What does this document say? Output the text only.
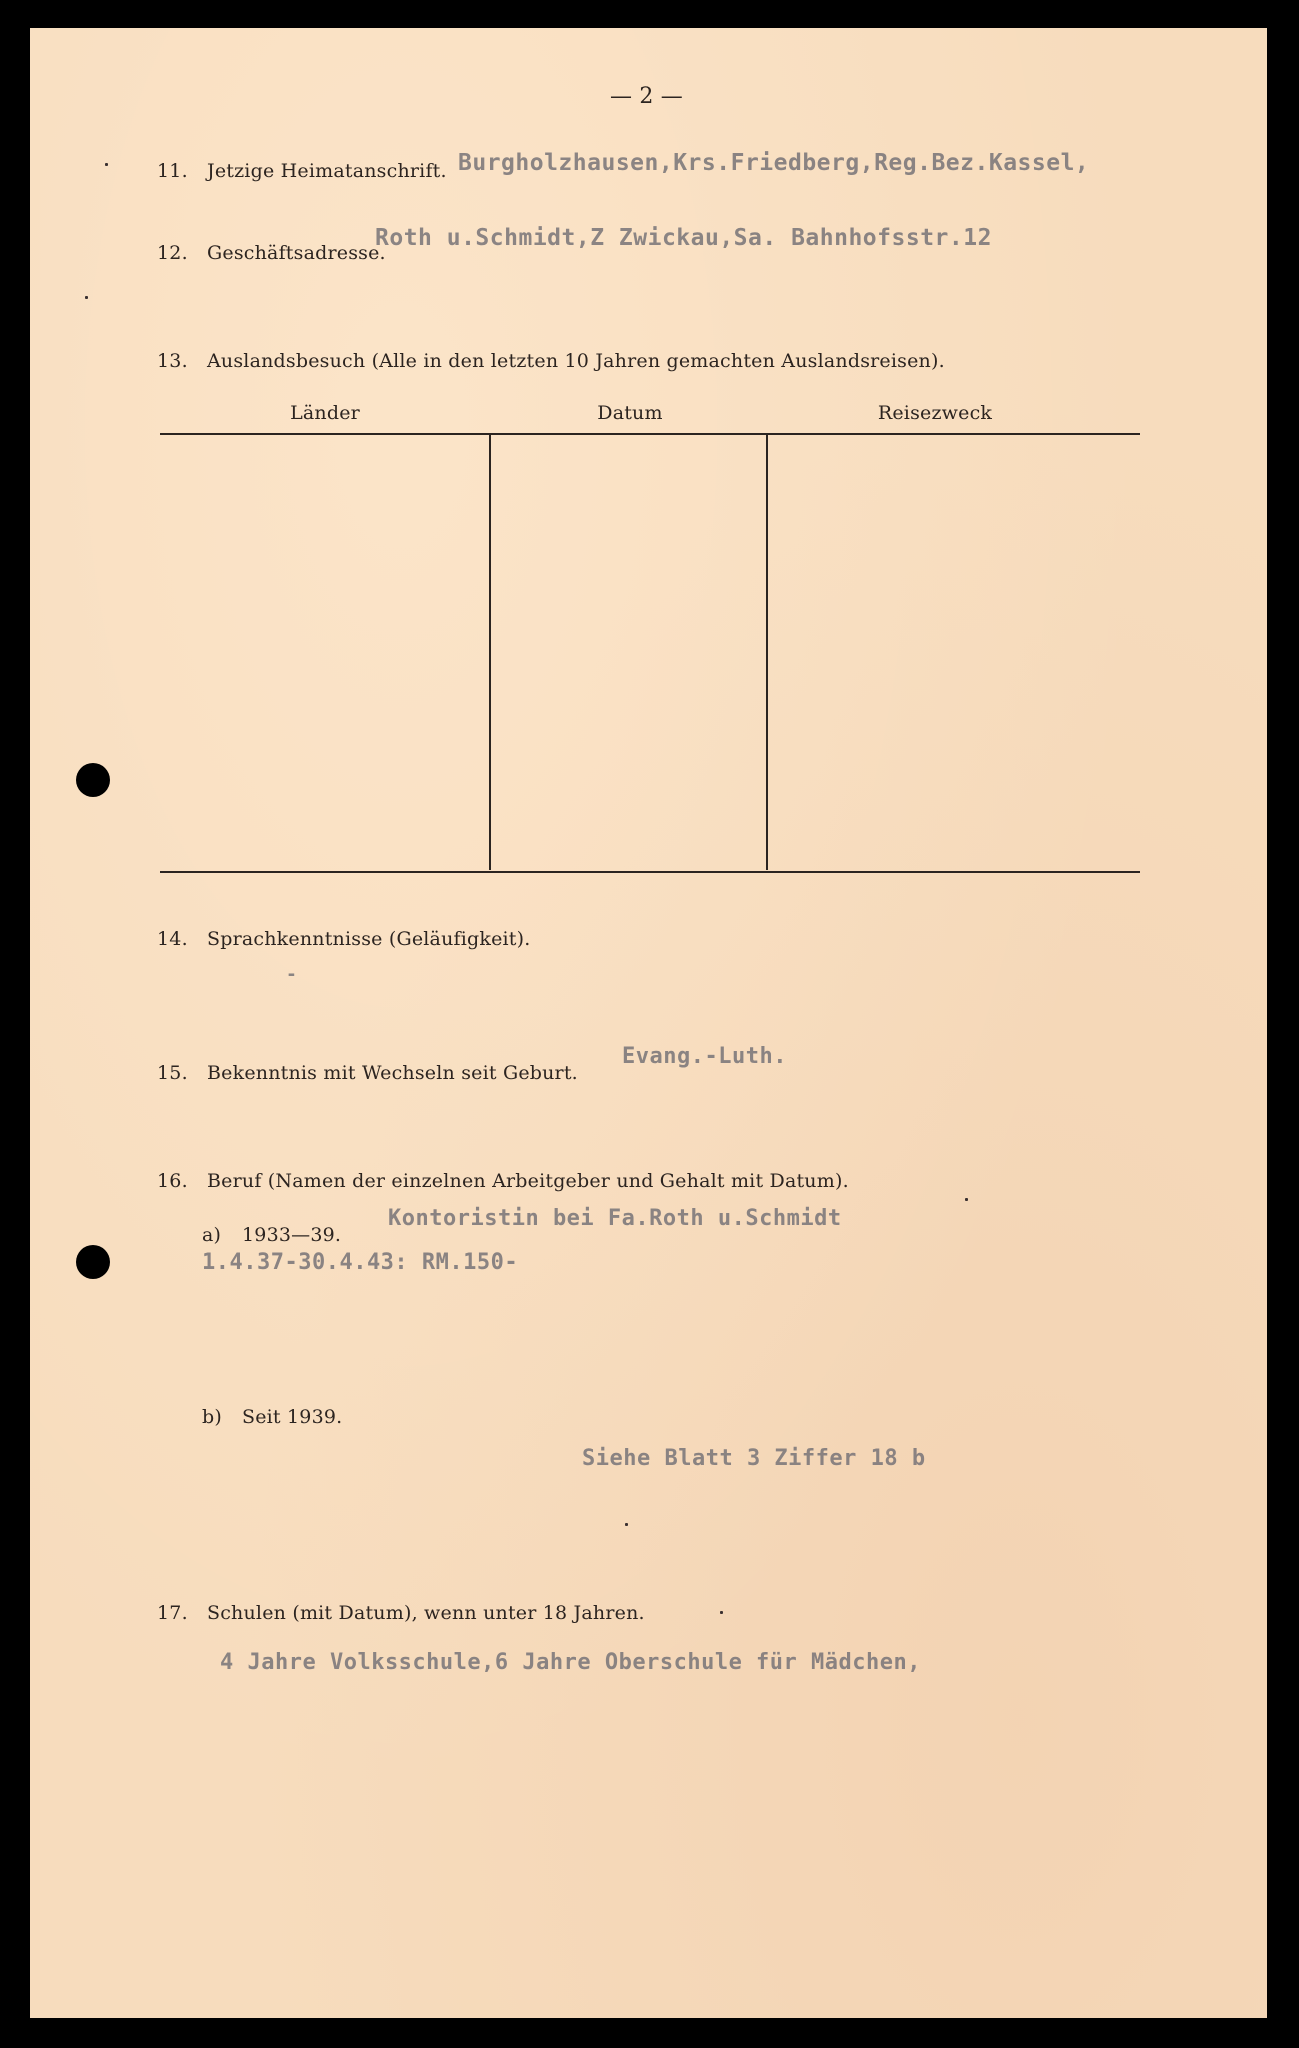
— 2 —
11. Jetzige Heimatanschrift. Burgholzhausen,Krs.Friedberg,Reg.Bez.Kassel,
12. Geschäftsadresse.
Roth u.Schmidt,Z Zwickau,Sa. Bahnhofsstr.12
13. Auslandsbesuch (Alle in den letzten 10 Jahren gemachten Auslandsreisen).
Länder	Datum	Reisezweck
14. Sprachkenntnisse (Geläufigkeit).
-
15. Bekenntnis mit Wechseln seit Geburt.
Evang.-Luth.
16. Beruf (Namen der einzelnen Arbeitgeber und Gehalt mit Datum).
a) 1933—39.
Kontoristin bei Fa.Roth u.Schmidt
1.4.37-30.4.43: RM.150-
b) Seit 1939.
Siehe Blatt 3 Ziffer 18 b
17. Schulen (mit Datum), wenn unter 18 Jahren.
4 Jahre Volksschule,6 Jahre Oberschule für Mädchen,
